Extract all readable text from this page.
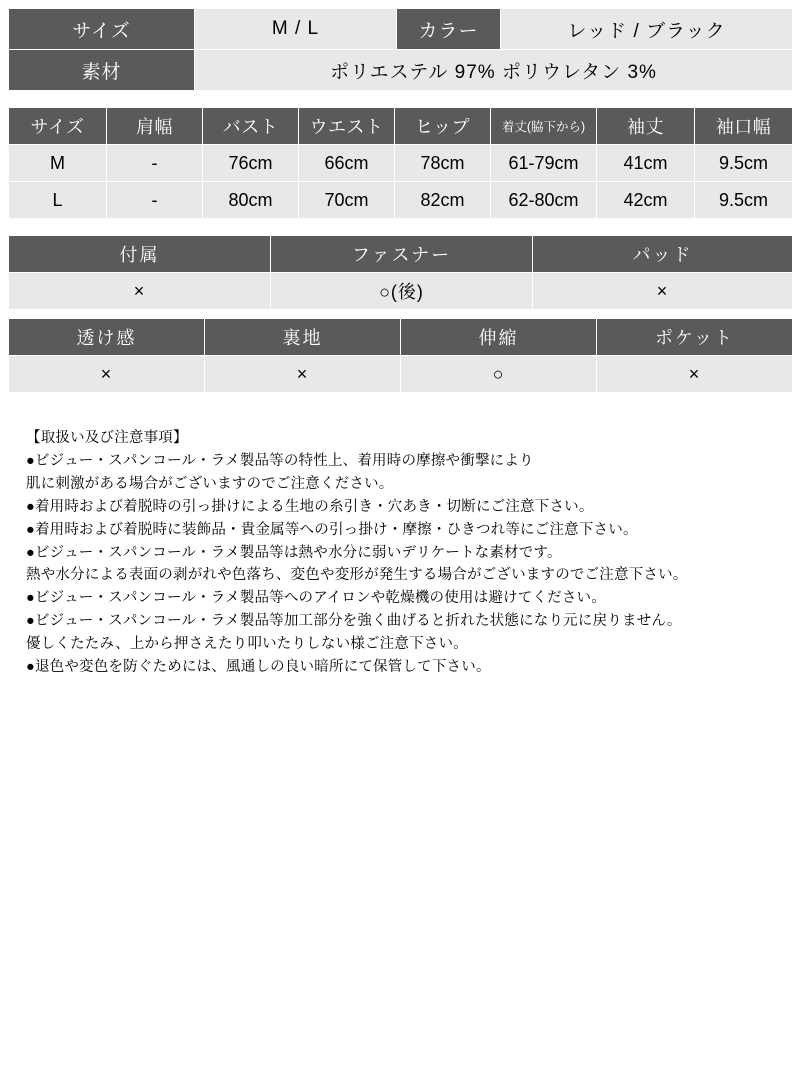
サイズ	M / L	カラー	レッド / ブラック
素材	ポリエステル 97% ポリウレタン 3%		
サイズ	肩幅	バスト	ウエスト	ヒップ	着丈(脇下から)	袖丈	袖口幅
M	-	76cm	66cm	78cm	61-79cm	41cm	9.5cm
L	-	80cm	70cm	82cm	62-80cm	42cm	9.5cm
付属	ファスナー	パッド
×	○(後)	×
透け感	裏地	伸縮	ポケット
×	×	○	×
【取扱い及び注意事項】
●ビジュー・スパンコール・ラメ製品等の特性上、着用時の摩擦や衝撃により
肌に刺激がある場合がございますのでご注意ください。
●着用時および着脱時の引っ掛けによる生地の糸引き・穴あき・切断にご注意下さい。
●着用時および着脱時に装飾品・貴金属等への引っ掛け・摩擦・ひきつれ等にご注意下さい。
●ビジュー・スパンコール・ラメ製品等は熱や水分に弱いデリケートな素材です。
熱や水分による表面の剥がれや色落ち、変色や変形が発生する場合がございますのでご注意下さい。
●ビジュー・スパンコール・ラメ製品等へのアイロンや乾燥機の使用は避けてください。
●ビジュー・スパンコール・ラメ製品等加工部分を強く曲げると折れた状態になり元に戻りません。
優しくたたみ、上から押さえたり叩いたりしない様ご注意下さい。
●退色や変色を防ぐためには、風通しの良い暗所にて保管して下さい。
